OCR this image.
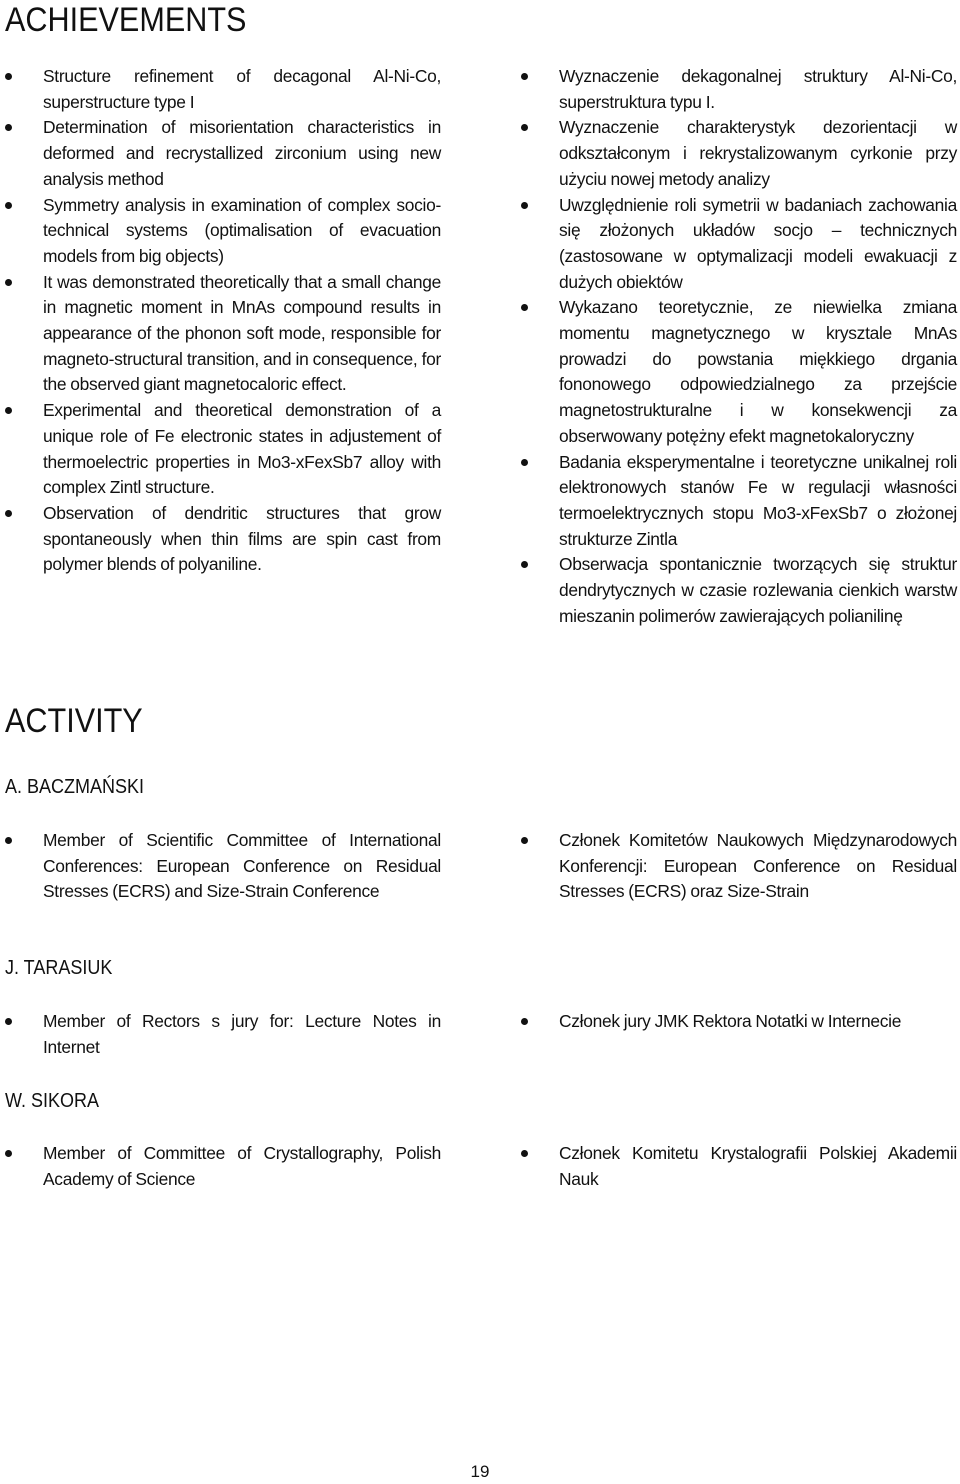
ACHIEVEMENTS
Structure refinement of decagonal Al-Ni-Co, superstructure type I
Determination of misorientation characteristics in deformed and recrystallized zirconium using new analysis method
Symmetry analysis in examination of complex socio-technical systems (optimalisation of evacuation models from big objects)
It was demonstrated theoretically that a small change in magnetic moment in MnAs compound results in appearance of the phonon soft mode, responsible for magneto-structural transition, and in consequence, for the observed giant magnetocaloric effect.
Experimental and theoretical demonstration of a unique role of Fe electronic states in adjustement of thermoelectric properties in Mo3-xFexSb7 alloy with complex Zintl structure.
Observation of dendritic structures that grow spontaneously when thin films are spin cast from polymer blends of polyaniline.
Wyznaczenie dekagonalnej struktury Al-Ni-Co, superstruktura typu I.
Wyznaczenie charakterystyk dezorientacji w odkształconym i rekrystalizowanym cyrkonie przy użyciu nowej metody analizy
Uwzględnienie roli symetrii w badaniach zachowania się złożonych układów socjo – technicznych (zastosowane w optymalizacji modeli ewakuacji z dużych obiektów
Wykazano teoretycznie, ze niewielka zmiana momentu magnetycznego w krysztale MnAs prowadzi do powstania miękkiego drgania fononowego odpowiedzialnego za przejście magnetostrukturalne i w konsekwencji za obserwowany potężny efekt magnetokaloryczny
Badania eksperymentalne i teoretyczne unikalnej roli elektronowych stanów Fe w regulacji własności termoelektrycznych stopu Mo3-xFexSb7 o złożonej strukturze Zintla
Obserwacja spontanicznie tworzących się struktur dendrytycznych w czasie rozlewania cienkich warstw mieszanin polimerów zawierających polianilinę
ACTIVITY
A. BACZMAŃSKI
Member of Scientific Committee of International Conferences: European Conference on Residual Stresses (ECRS) and Size-Strain Conference
Członek Komitetów Naukowych Międzynarodowych Konferencji: European Conference on Residual Stresses (ECRS) oraz Size-Strain
J. TARASIUK
Member of Rectors s jury for: Lecture Notes in Internet
Członek jury JMK Rektora Notatki w Internecie
W. SIKORA
Member of Committee of Crystallography, Polish Academy of Science
Członek Komitetu Krystalografii Polskiej Akademii Nauk
19
